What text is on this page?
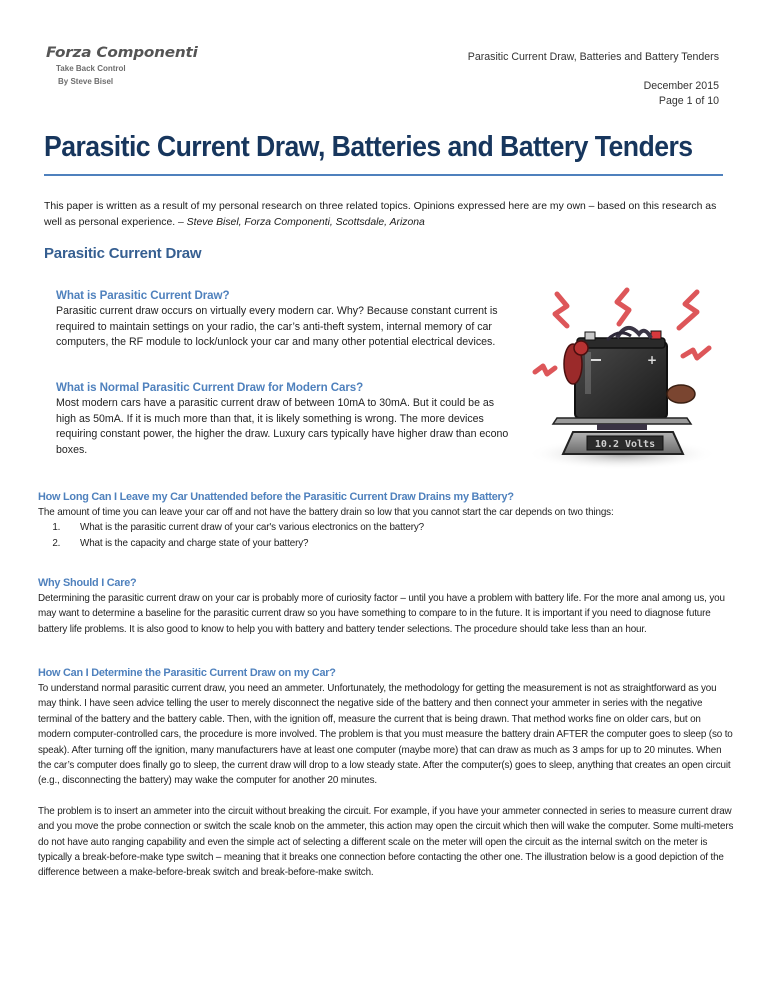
Forza Componenti
Take Back Control
By Steve Bisel
Parasitic Current Draw, Batteries and Battery Tenders
December 2015
Page 1 of 10
Parasitic Current Draw, Batteries and Battery Tenders

This paper is written as a result of my personal research on three related topics. Opinions expressed here are my own – based on this research as well as personal experience. – Steve Bisel, Forza Componenti, Scottsdale, Arizona

Parasitic Current Draw
What is Parasitic Current Draw?
Parasitic current draw occurs on virtually every modern car. Why? Because constant current is required to maintain settings on your radio, the car’s anti-theft system, internal memory of car computers, the RF module to lock/unlock your car and many other potential electrical devices.
What is Normal Parasitic Current Draw for Modern Cars?
Most modern cars have a parasitic current draw of between 10mA to 30mA. But it could be as high as 50mA. If it is much more than that, it is likely something is wrong. The more devices requiring constant power, the higher the draw. Luxury cars typically have higher draw than econo boxes.
+
10.2 Volts
How Long Can I Leave my Car Unattended before the Parasitic Current Draw Drains my Battery?
The amount of time you can leave your car off and not have the battery drain so low that you cannot start the car depends on two things:
1.	What is the parasitic current draw of your car's various electronics on the battery?
2.	What is the capacity and charge state of your battery?
Why Should I Care?
Determining the parasitic current draw on your car is probably more of curiosity factor – until you have a problem with battery life. For the more anal among us, you may want to determine a baseline for the parasitic current draw so you have something to compare to in the future. It is important if you need to diagnose future battery life problems. It is also good to know to help you with battery and battery tender selections. The procedure should take less than an hour.
How Can I Determine the Parasitic Current Draw on my Car?
To understand normal parasitic current draw, you need an ammeter. Unfortunately, the methodology for getting the measurement is not as straightforward as you may think. I have seen advice telling the user to merely disconnect the negative side of the battery and then connect your ammeter in series with the negative terminal of the battery and the battery cable. Then, with the ignition off, measure the current that is being drawn. That method works fine on older cars, but on modern computer-controlled cars, the procedure is more involved. The problem is that you must measure the battery drain AFTER the computer goes to sleep (so to speak). After turning off the ignition, many manufacturers have at least one computer (maybe more) that can draw as much as 3 amps for up to 20 minutes. When the car’s computer does finally go to sleep, the current draw will drop to a low steady state. After the computer(s) goes to sleep, anything that creates an open circuit (e.g., disconnecting the battery) may wake the computer for another 20 minutes.
The problem is to insert an ammeter into the circuit without breaking the circuit. For example, if you have your ammeter connected in series to measure current draw and you move the probe connection or switch the scale knob on the ammeter, this action may open the circuit which then will wake the computer. Some multi-meters do not have auto ranging capability and even the simple act of selecting a different scale on the meter will open the circuit as the internal switch on the meter is typically a break-before-make type switch – meaning that it breaks one connection before contacting the other one. The illustration below is a good depiction of the difference between a make-before-break switch and break-before-make switch.
